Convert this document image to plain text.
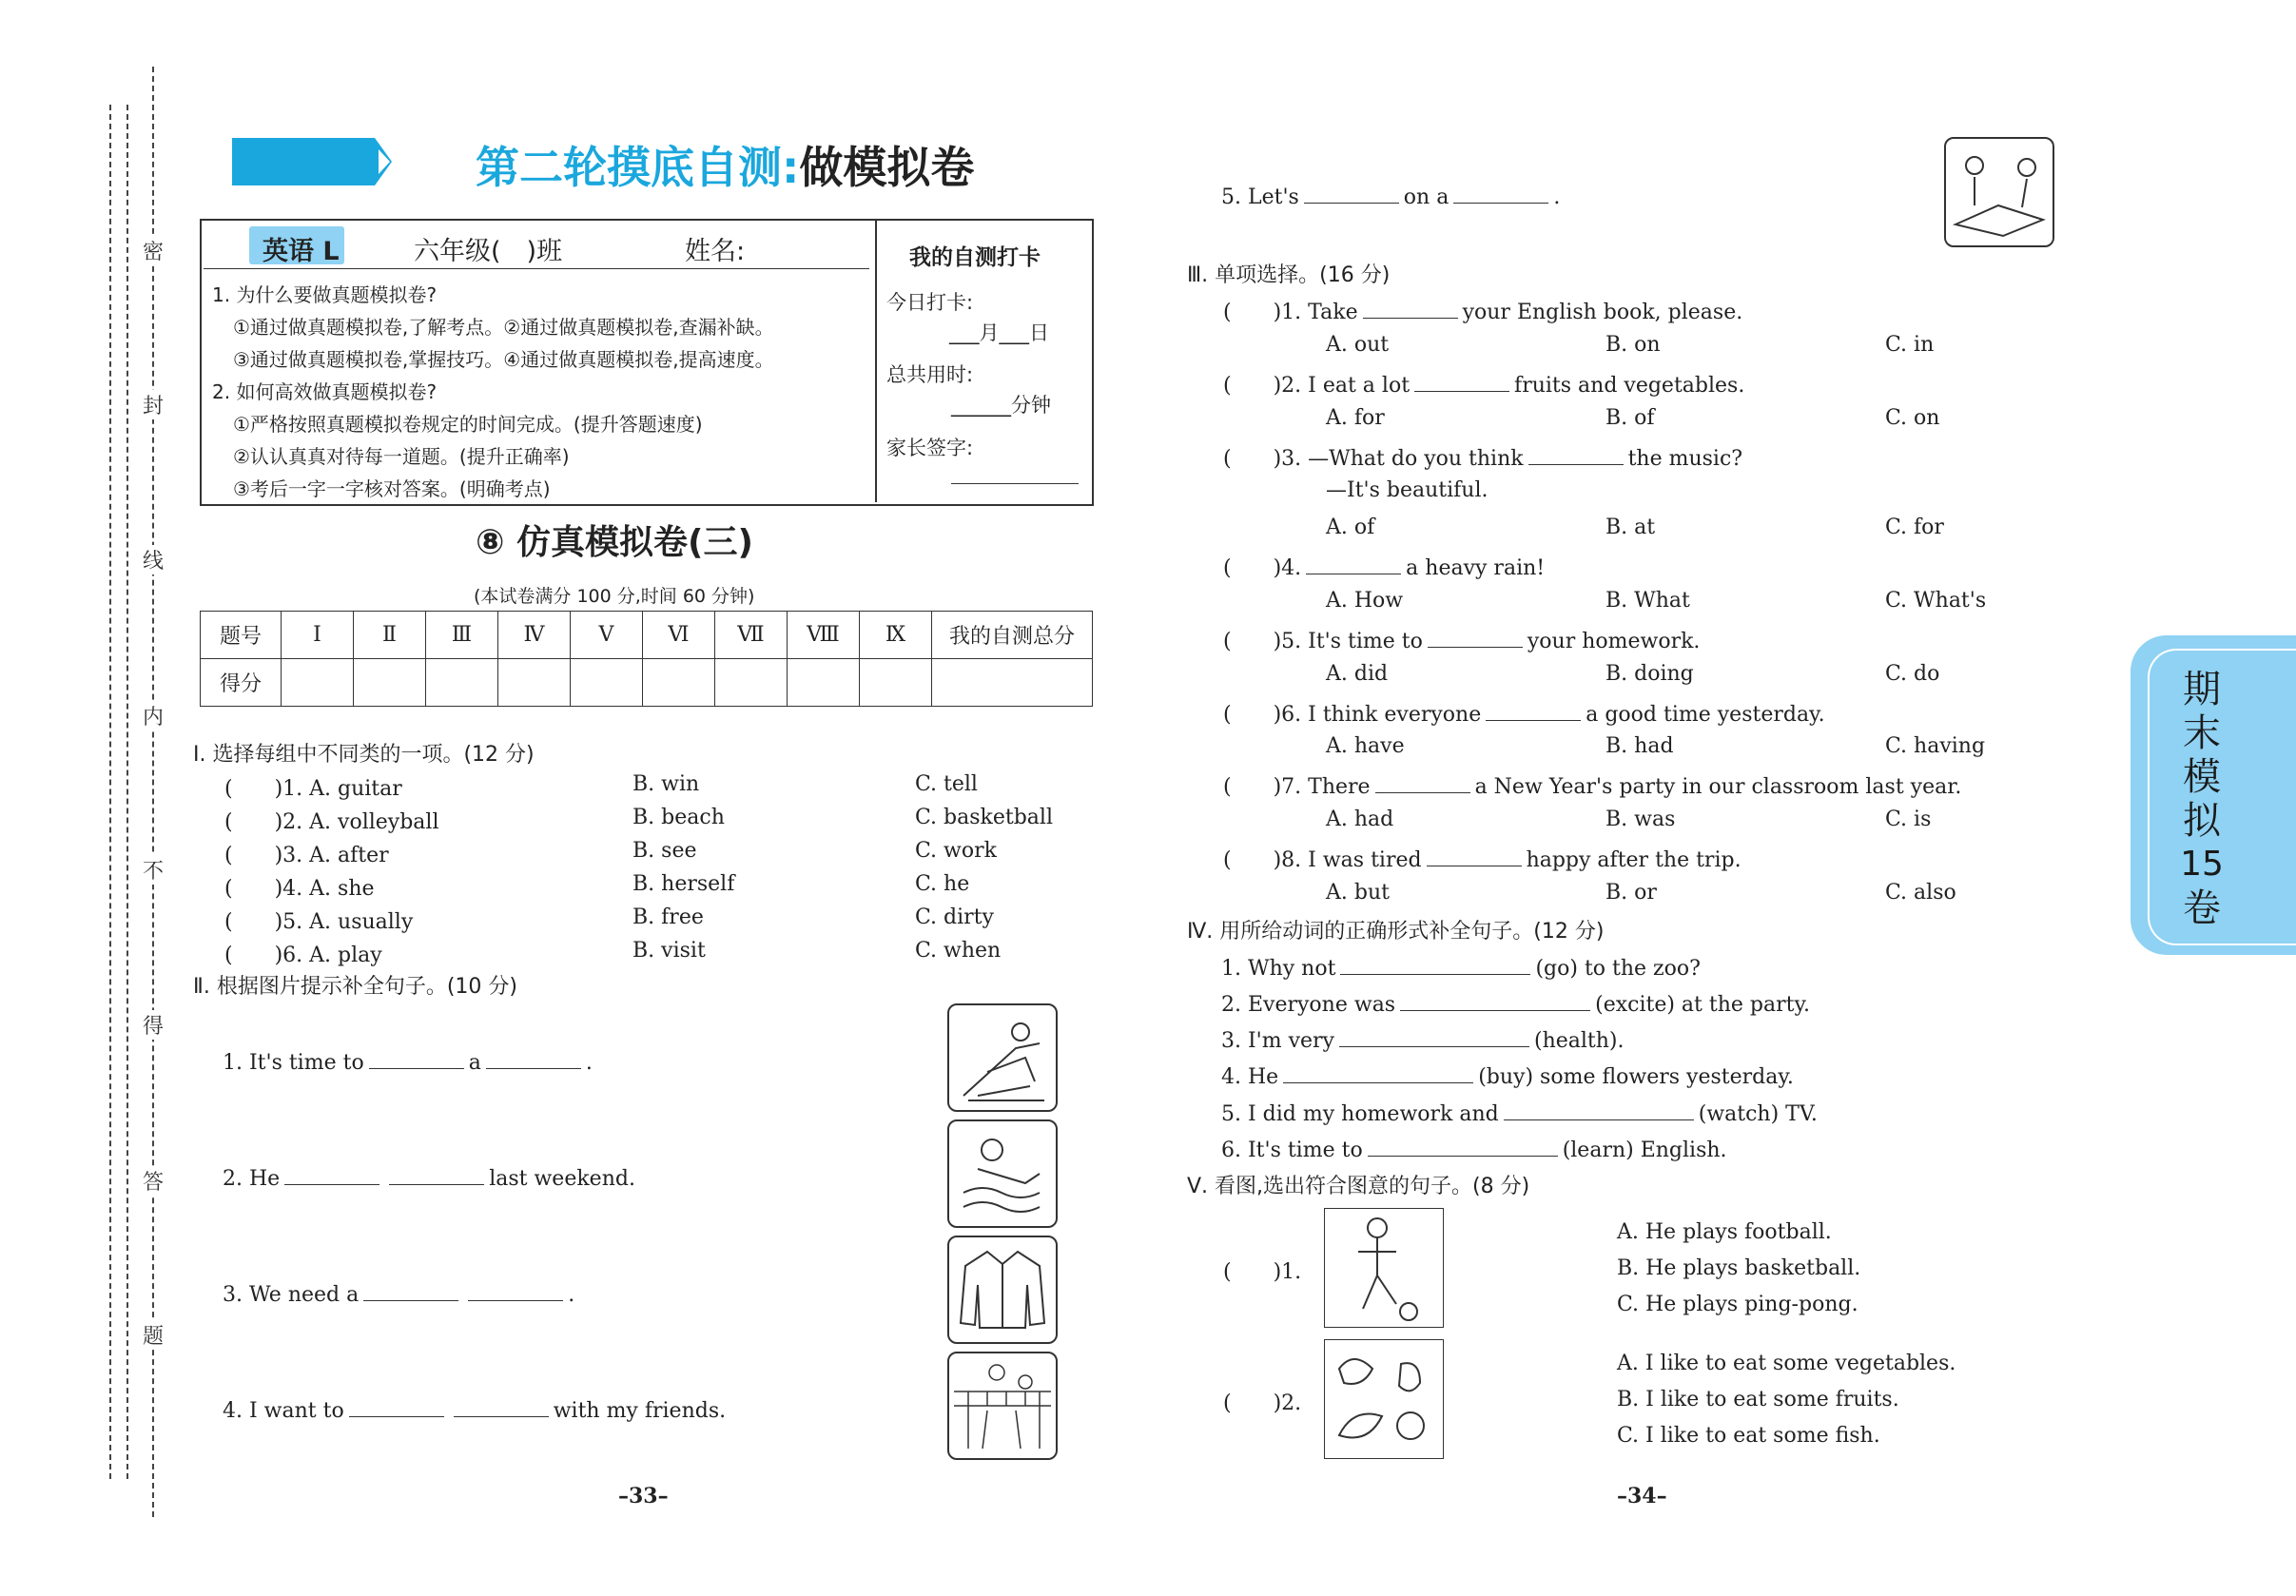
密
封
线
内
不
得
答
题
第二轮摸底自测:做模拟卷
英语 L	六年级(　)班	姓名:
1. 为什么要做真题模拟卷?
①通过做真题模拟卷,了解考点。②通过做真题模拟卷,查漏补缺。
③通过做真题模拟卷,掌握技巧。④通过做真题模拟卷,提高速度。
2. 如何高效做真题模拟卷?
①严格按照真题模拟卷规定的时间完成。(提升答题速度)
②认认真真对待每一道题。(提升正确率)
③考后一字一字核对答案。(明确考点)
我的自测打卡
今日打卡:
___月___日
总共用时:
______分钟
家长签字:
⑧ 仿真模拟卷(三)
(本试卷满分 100 分,时间 60 分钟)
题号	Ⅰ	Ⅱ	Ⅲ	Ⅳ	Ⅴ	Ⅵ	Ⅶ	Ⅷ	Ⅸ	我的自测总分
得分										
Ⅰ. 选择每组中不同类的一项。(12 分)
(　　)1. A. guitar	B. win	C. tell
(　　)2. A. volleyball	B. beach	C. basketball
(　　)3. A. after	B. see	C. work
(　　)4. A. she	B. herself	C. he
(　　)5. A. usually	B. free	C. dirty
(　　)6. A. play	B. visit	C. when
Ⅱ. 根据图片提示补全句子。(10 分)
1. It's time to	a	.
2. He	last weekend.
3. We need a	.
4. I want to	with my friends.
5. Let's	on a	.
Ⅲ. 单项选择。(16 分)
(　　)1. Take	your English book, please.
A. out	B. on	C. in
(　　)2. I eat a lot	fruits and vegetables.
A. for	B. of	C. on
(　　)3. —What do you think	the music?
—It's beautiful.
A. of	B. at	C. for
(　　)4.	a heavy rain!
A. How	B. What	C. What's
(　　)5. It's time to	your homework.
A. did	B. doing	C. do
(　　)6. I think everyone	a good time yesterday.
A. have	B. had	C. having
(　　)7. There	a New Year's party in our classroom last year.
A. had	B. was	C. is
(　　)8. I was tired	happy after the trip.
A. but	B. or	C. also
Ⅳ. 用所给动词的正确形式补全句子。(12 分)
1. Why not	(go) to the zoo?
2. Everyone was	(excite) at the party.
3. I'm very	(health).
4. He	(buy) some flowers yesterday.
5. I did my homework and	(watch) TV.
6. It's time to	(learn) English.
Ⅴ. 看图,选出符合图意的句子。(8 分)
(　　)1.
A. He plays football.
B. He plays basketball.
C. He plays ping-pong.
(　　)2.
A. I like to eat some vegetables.
B. I like to eat some fruits.
C. I like to eat some fish.
–33–	–34–
期
末
模
拟
15
卷
